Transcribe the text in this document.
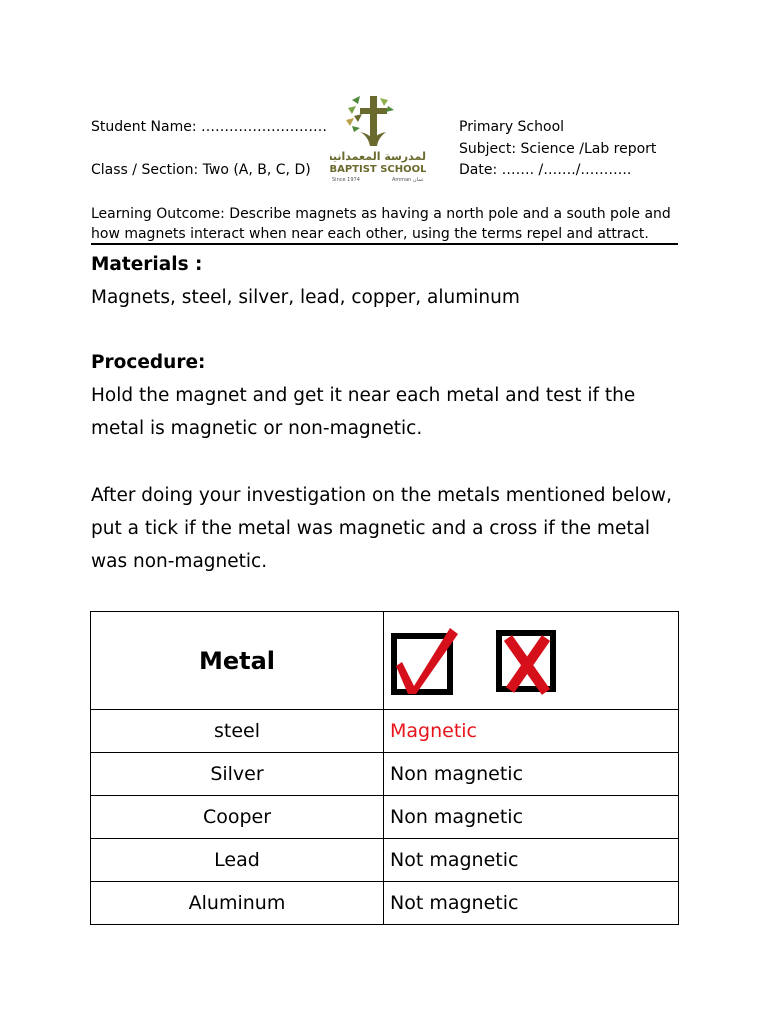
Student Name: ………………………
Class / Section: Two (A, B, C, D)
Primary School
Subject: Science /Lab report
Date: ……. /……./………..
المدرسة المعمدانية
BAPTIST SCHOOL
Since 1974	Amman عمان
Learning Outcome: Describe magnets as having a north pole and a south pole and how magnets interact when near each other, using the terms repel and attract.
Materials :
Magnets, steel, silver, lead, copper, aluminum
Procedure:
Hold the magnet and get it near each metal and test if the metal is magnetic or non-magnetic.
After doing your investigation on the metals mentioned below, put a tick if the metal was magnetic and a cross if the metal was non-magnetic.
Metal	

steel	Magnetic
Silver	Non magnetic
Cooper	Non magnetic
Lead	Not magnetic
Aluminum	Not magnetic
